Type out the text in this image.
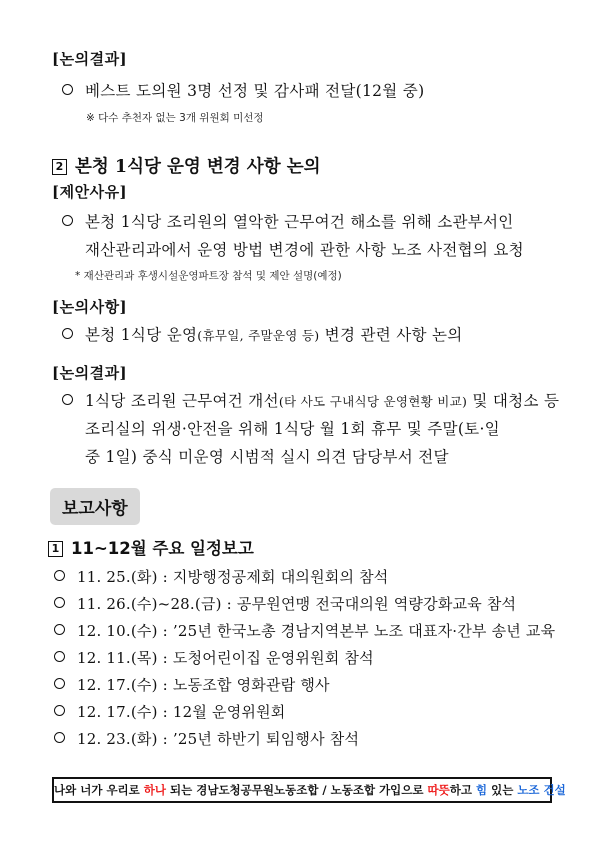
[논의결과]
베스트 도의원 3명 선정 및 감사패 전달(12월 중)
※ 다수 추천자 없는 3개 위원회 미선정
2 본청 1식당 운영 변경 사항 논의
[제안사유]
본청 1식당 조리원의 열악한 근무여건 해소를 위해 소관부서인
재산관리과에서 운영 방법 변경에 관한 사항 노조 사전협의 요청
* 재산관리과 후생시설운영파트장 참석 및 제안 설명(예정)
[논의사항]
본청 1식당 운영(휴무일, 주말운영 등) 변경 관련 사항 논의
[논의결과]
1식당 조리원 근무여건 개선(타 사도 구내식당 운영현황 비교) 및 대청소 등
조리실의 위생·안전을 위해 1식당 월 1회 휴무 및 주말(토·일
중 1일) 중식 미운영 시범적 실시 의견 담당부서 전달
보고사항
1 11~12월 주요 일정보고
11. 25.(화) : 지방행정공제회 대의원회의 참석
11. 26.(수)~28.(금) : 공무원연맹 전국대의원 역량강화교육 참석
12. 10.(수) : ’25년 한국노총 경남지역본부 노조 대표자·간부 송년 교육
12. 11.(목) : 도청어린이집 운영위원회 참석
12. 17.(수) : 노동조합 영화관람 행사
12. 17.(수) : 12월 운영위원회
12. 23.(화) : ’25년 하반기 퇴임행사 참석
나와 너가 우리로 하나 되는 경남도청공무원노동조합 / 노동조합 가입으로 따뜻하고 힘 있는 노조 건설
